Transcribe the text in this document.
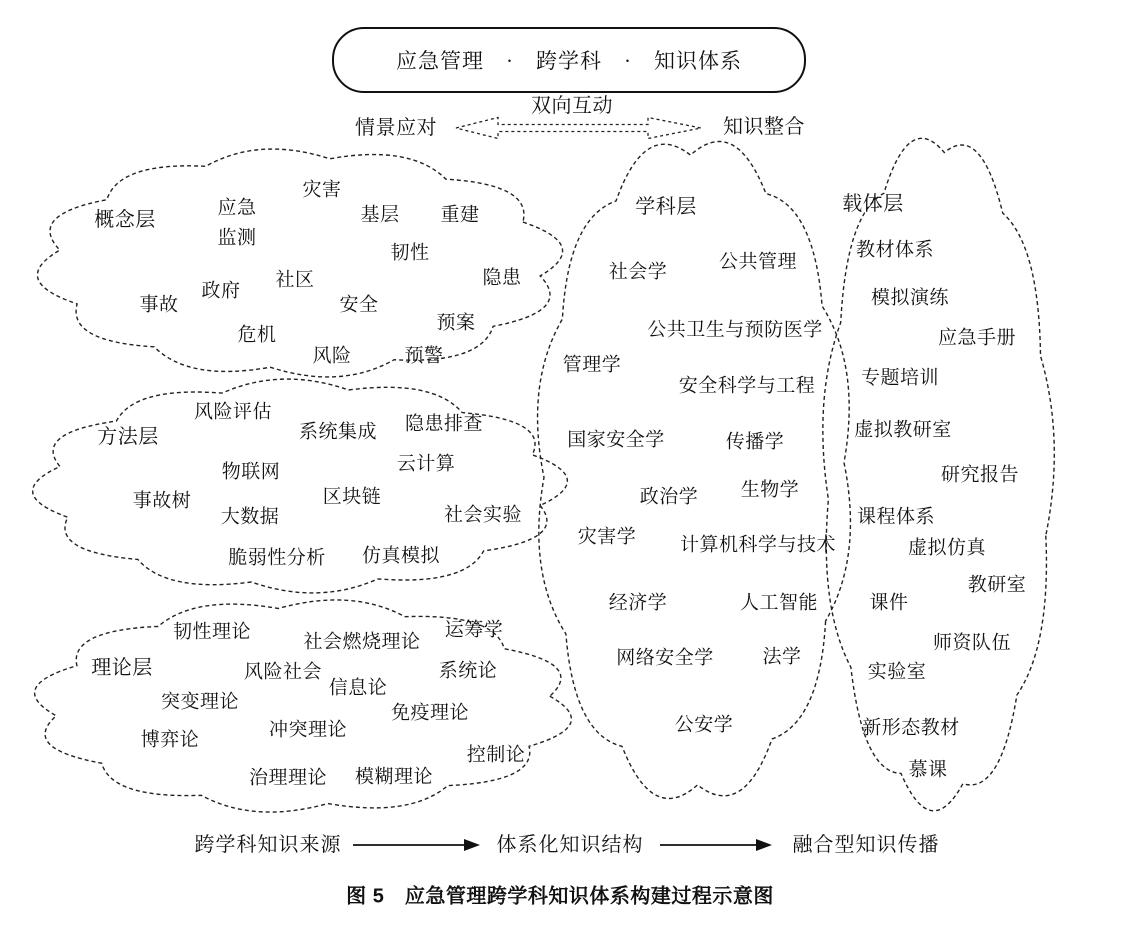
应急管理　·　跨学科　·　知识体系
情景应对
双向互动
知识整合
概念层
灾害
应急	基层 重建
监测
韧性
隐患
社区
政府
事故	安全
预案
危机
风险	预警
方法层
风险评估
系统集成 隐患排查
物联网	云计算
事故树	区块链
大数据	社会实验
脆弱性分析 仿真模拟
理论层
韧性理论	社会燃烧理论
运筹学
风险社会	系统论
信息论
突变理论
免疫理论
冲突理论
博弈论
控制论
治理理论 模糊理论
学科层
社会学	公共管理
公共卫生与预防医学
管理学
安全科学与工程
国家安全学	传播学
政治学 生物学
灾害学 计算机科学与技术
经济学	人工智能
网络安全学	法学
公安学
载体层
教材体系
模拟演练
应急手册
专题培训
虚拟教研室
研究报告
课程体系
虚拟仿真
教研室
课件
师资队伍
实验室
新形态教材
慕课
跨学科知识来源	体系化知识结构	融合型知识传播
图 5　应急管理跨学科知识体系构建过程示意图
